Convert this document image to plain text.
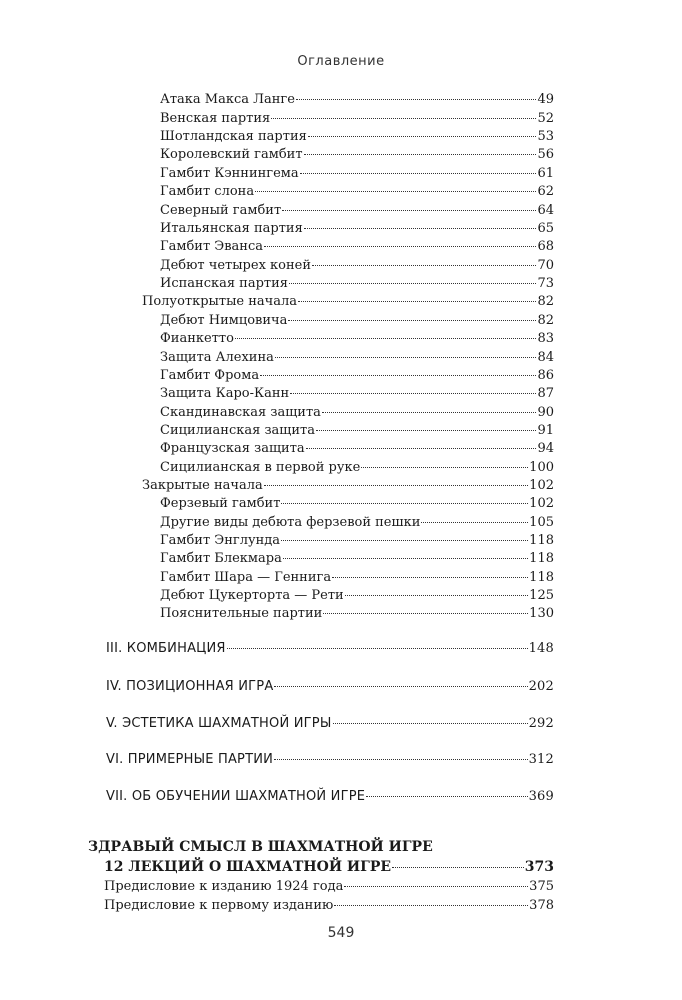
Оглавление
Атака Макса Ланге	49
Венская партия	52
Шотландская партия	53
Королевский гамбит	56
Гамбит Кэннингема	61
Гамбит слона	62
Северный гамбит	64
Итальянская партия	65
Гамбит Эванса	68
Дебют четырех коней	70
Испанская партия	73
Полуоткрытые начала	82
Дебют Нимцовича	82
Фианкетто	83
Защита Алехина	84
Гамбит Фрома	86
Защита Каро-Канн	87
Скандинавская защита	90
Сицилианская защита	91
Французская защита	94
Сицилианская в первой руке	100
Закрытые начала	102
Ферзевый гамбит	102
Другие виды дебюта ферзевой пешки	105
Гамбит Энглунда	118
Гамбит Блекмара	118
Гамбит Шара — Геннига	118
Дебют Цукерторта — Рети	125
Пояснительные партии	130
III. КОМБИНАЦИЯ	148
IV. ПОЗИЦИОННАЯ ИГРА	202
V. ЭСТЕТИКА ШАХМАТНОЙ ИГРЫ	292
VI. ПРИМЕРНЫЕ ПАРТИИ	312
VII. ОБ ОБУЧЕНИИ ШАХМАТНОЙ ИГРЕ	369
ЗДРАВЫЙ СМЫСЛ В ШАХМАТНОЙ ИГРЕ
12 ЛЕКЦИЙ О ШАХМАТНОЙ ИГРЕ	373
Предисловие к изданию 1924 года	375
Предисловие к первому изданию	378
549
